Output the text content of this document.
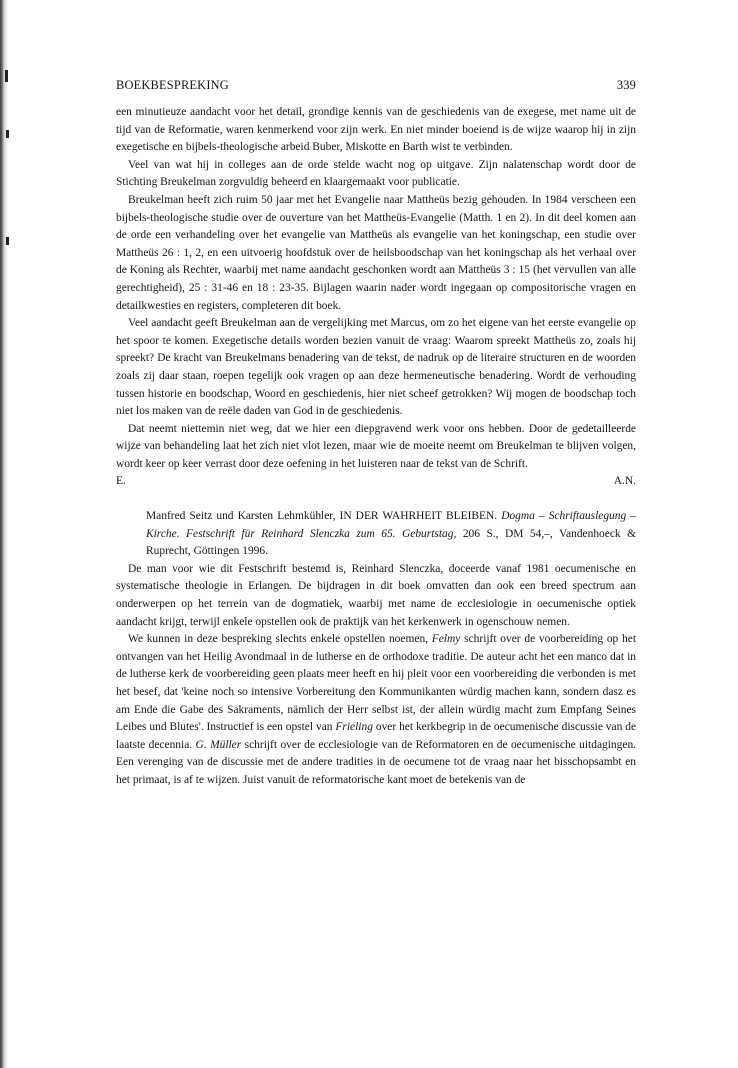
BOEKBESPREKING	339

een minutieuze aandacht voor het detail, grondige kennis van de geschiedenis van de exegese, met name uit de tijd van de Reformatie, waren kenmerkend voor zijn werk. En niet minder boeiend is de wijze waarop hij in zijn exegetische en bijbels-theologische arbeid Buber, Miskotte en Barth wist te verbinden.

Veel van wat hij in colleges aan de orde stelde wacht nog op uitgave. Zijn nalatenschap wordt door de Stichting Breukelman zorgvuldig beheerd en klaargemaakt voor publicatie.

Breukelman heeft zich ruim 50 jaar met het Evangelie naar Mattheüs bezig gehouden. In 1984 verscheen een bijbels-theologische studie over de ouverture van het Mattheüs-Evangelie (Matth. 1 en 2). In dit deel komen aan de orde een verhandeling over het evangelie van Mattheüs als evangelie van het koningschap, een studie over Mattheüs 26 : 1, 2, en een uitvoerig hoofdstuk over de heilsboodschap van het koningschap als het verhaal over de Koning als Rechter, waarbij met name aandacht geschonken wordt aan Mattheüs 3 : 15 (het vervullen van alle gerechtigheid), 25 : 31-46 en 18 : 23-35. Bijlagen waarin nader wordt ingegaan op compositorische vragen en detailkwesties en registers, completeren dit boek.

Veel aandacht geeft Breukelman aan de vergelijking met Marcus, om zo het eigene van het eerste evangelie op het spoor te komen. Exegetische details worden bezien vanuit de vraag: Waarom spreekt Mattheüs zo, zoals hij spreekt? De kracht van Breukelmans benadering van de tekst, de nadruk op de literaire structuren en de woorden zoals zij daar staan, roepen tegelijk ook vragen op aan deze hermeneutische benadering. Wordt de verhouding tussen historie en boodschap, Woord en geschiedenis, hier niet scheef getrokken? Wij mogen de boodschap toch niet los maken van de reële daden van God in de geschiedenis.

Dat neemt niettemin niet weg, dat we hier een diepgravend werk voor ons hebben. Door de gedetailleerde wijze van behandeling laat het zich niet vlot lezen, maar wie de moeite neemt om Breukelman te blijven volgen, wordt keer op keer verrast door deze oefening in het luisteren naar de tekst van de Schrift.

E.	A.N.

Manfred Seitz und Karsten Lehmkühler, IN DER WAHRHEIT BLEIBEN. Dogma – Schriftauslegung – Kirche. Festschrift für Reinhard Slenczka zum 65. Geburtstag, 206 S., DM 54,–, Vandenhoeck & Ruprecht, Göttingen 1996.

De man voor wie dit Festschrift bestemd is, Reinhard Slenczka, doceerde vanaf 1981 oecumenische en systematische theologie in Erlangen. De bijdragen in dit boek omvatten dan ook een breed spectrum aan onderwerpen op het terrein van de dogmatiek, waarbij met name de ecclesiologie in oecumenische optiek aandacht krijgt, terwijl enkele opstellen ook de praktijk van het kerkenwerk in ogenschouw nemen.

We kunnen in deze bespreking slechts enkele opstellen noemen, Felmy schrijft over de voorbereiding op het ontvangen van het Heilig Avondmaal in de lutherse en de orthodoxe traditie. De auteur acht het een manco dat in de lutherse kerk de voorbereiding geen plaats meer heeft en hij pleit voor een voorbereiding die verbonden is met het besef, dat 'keine noch so intensive Vorbereitung den Kommunikanten würdig machen kann, sondern dasz es am Ende die Gabe des Sakraments, nämlich der Herr selbst ist, der allein würdig macht zum Empfang Seines Leibes und Blutes'. Instructief is een opstel van Frieling over het kerkbegrip in de oecumenische discussie van de laatste decennia. G. Müller schrijft over de ecclesiologie van de Reformatoren en de oecumenische uitdagingen. Een verenging van de discussie met de andere tradities in de oecumene tot de vraag naar het bisschopsambt en het primaat, is af te wijzen. Juist vanuit de reformatorische kant moet de betekenis van de
